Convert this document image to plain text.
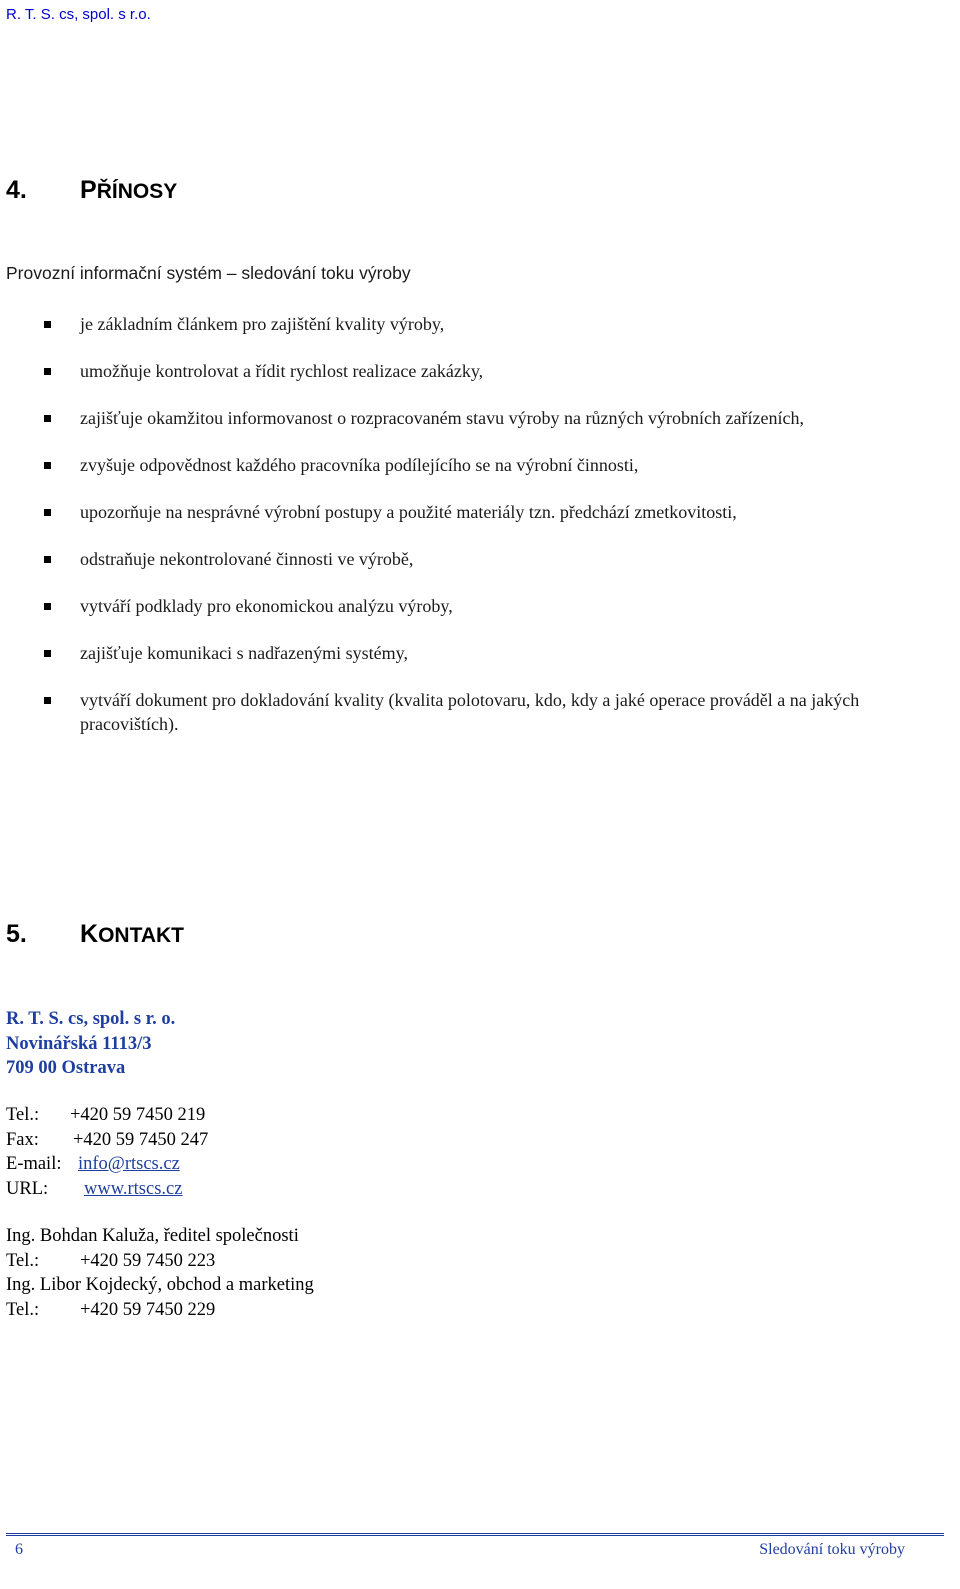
R. T. S. cs, spol. s r.o.
4. PŘÍNOSY
Provozní informační systém – sledování toku výroby
je základním článkem pro zajištění kvality výroby,
umožňuje kontrolovat a řídit rychlost realizace zakázky,
zajišťuje okamžitou informovanost o rozpracovaném stavu výroby na různých výrobních zařízeních,
zvyšuje odpovědnost každého pracovníka podílejícího se na výrobní činnosti,
upozorňuje na nesprávné výrobní postupy a použité materiály tzn. předchází zmetkovitosti,
odstraňuje nekontrolované činnosti ve výrobě,
vytváří podklady pro ekonomickou analýzu výroby,
zajišťuje komunikaci s nadřazenými systémy,
vytváří dokument pro dokladování kvality (kvalita polotovaru, kdo, kdy a jaké operace prováděl a na jakých pracovištích).
5. KONTAKT
R. T. S. cs, spol. s r. o.
Novinářská 1113/3
709 00 Ostrava
Tel.: +420 59 7450 219
Fax: +420 59 7450 247
E-mail: info@rtscs.cz
URL: www.rtscs.cz
Ing. Bohdan Kaluža, ředitel společnosti
Tel.: +420 59 7450 223
Ing. Libor Kojdecký, obchod a marketing
Tel.: +420 59 7450 229
6	Sledování toku výroby
